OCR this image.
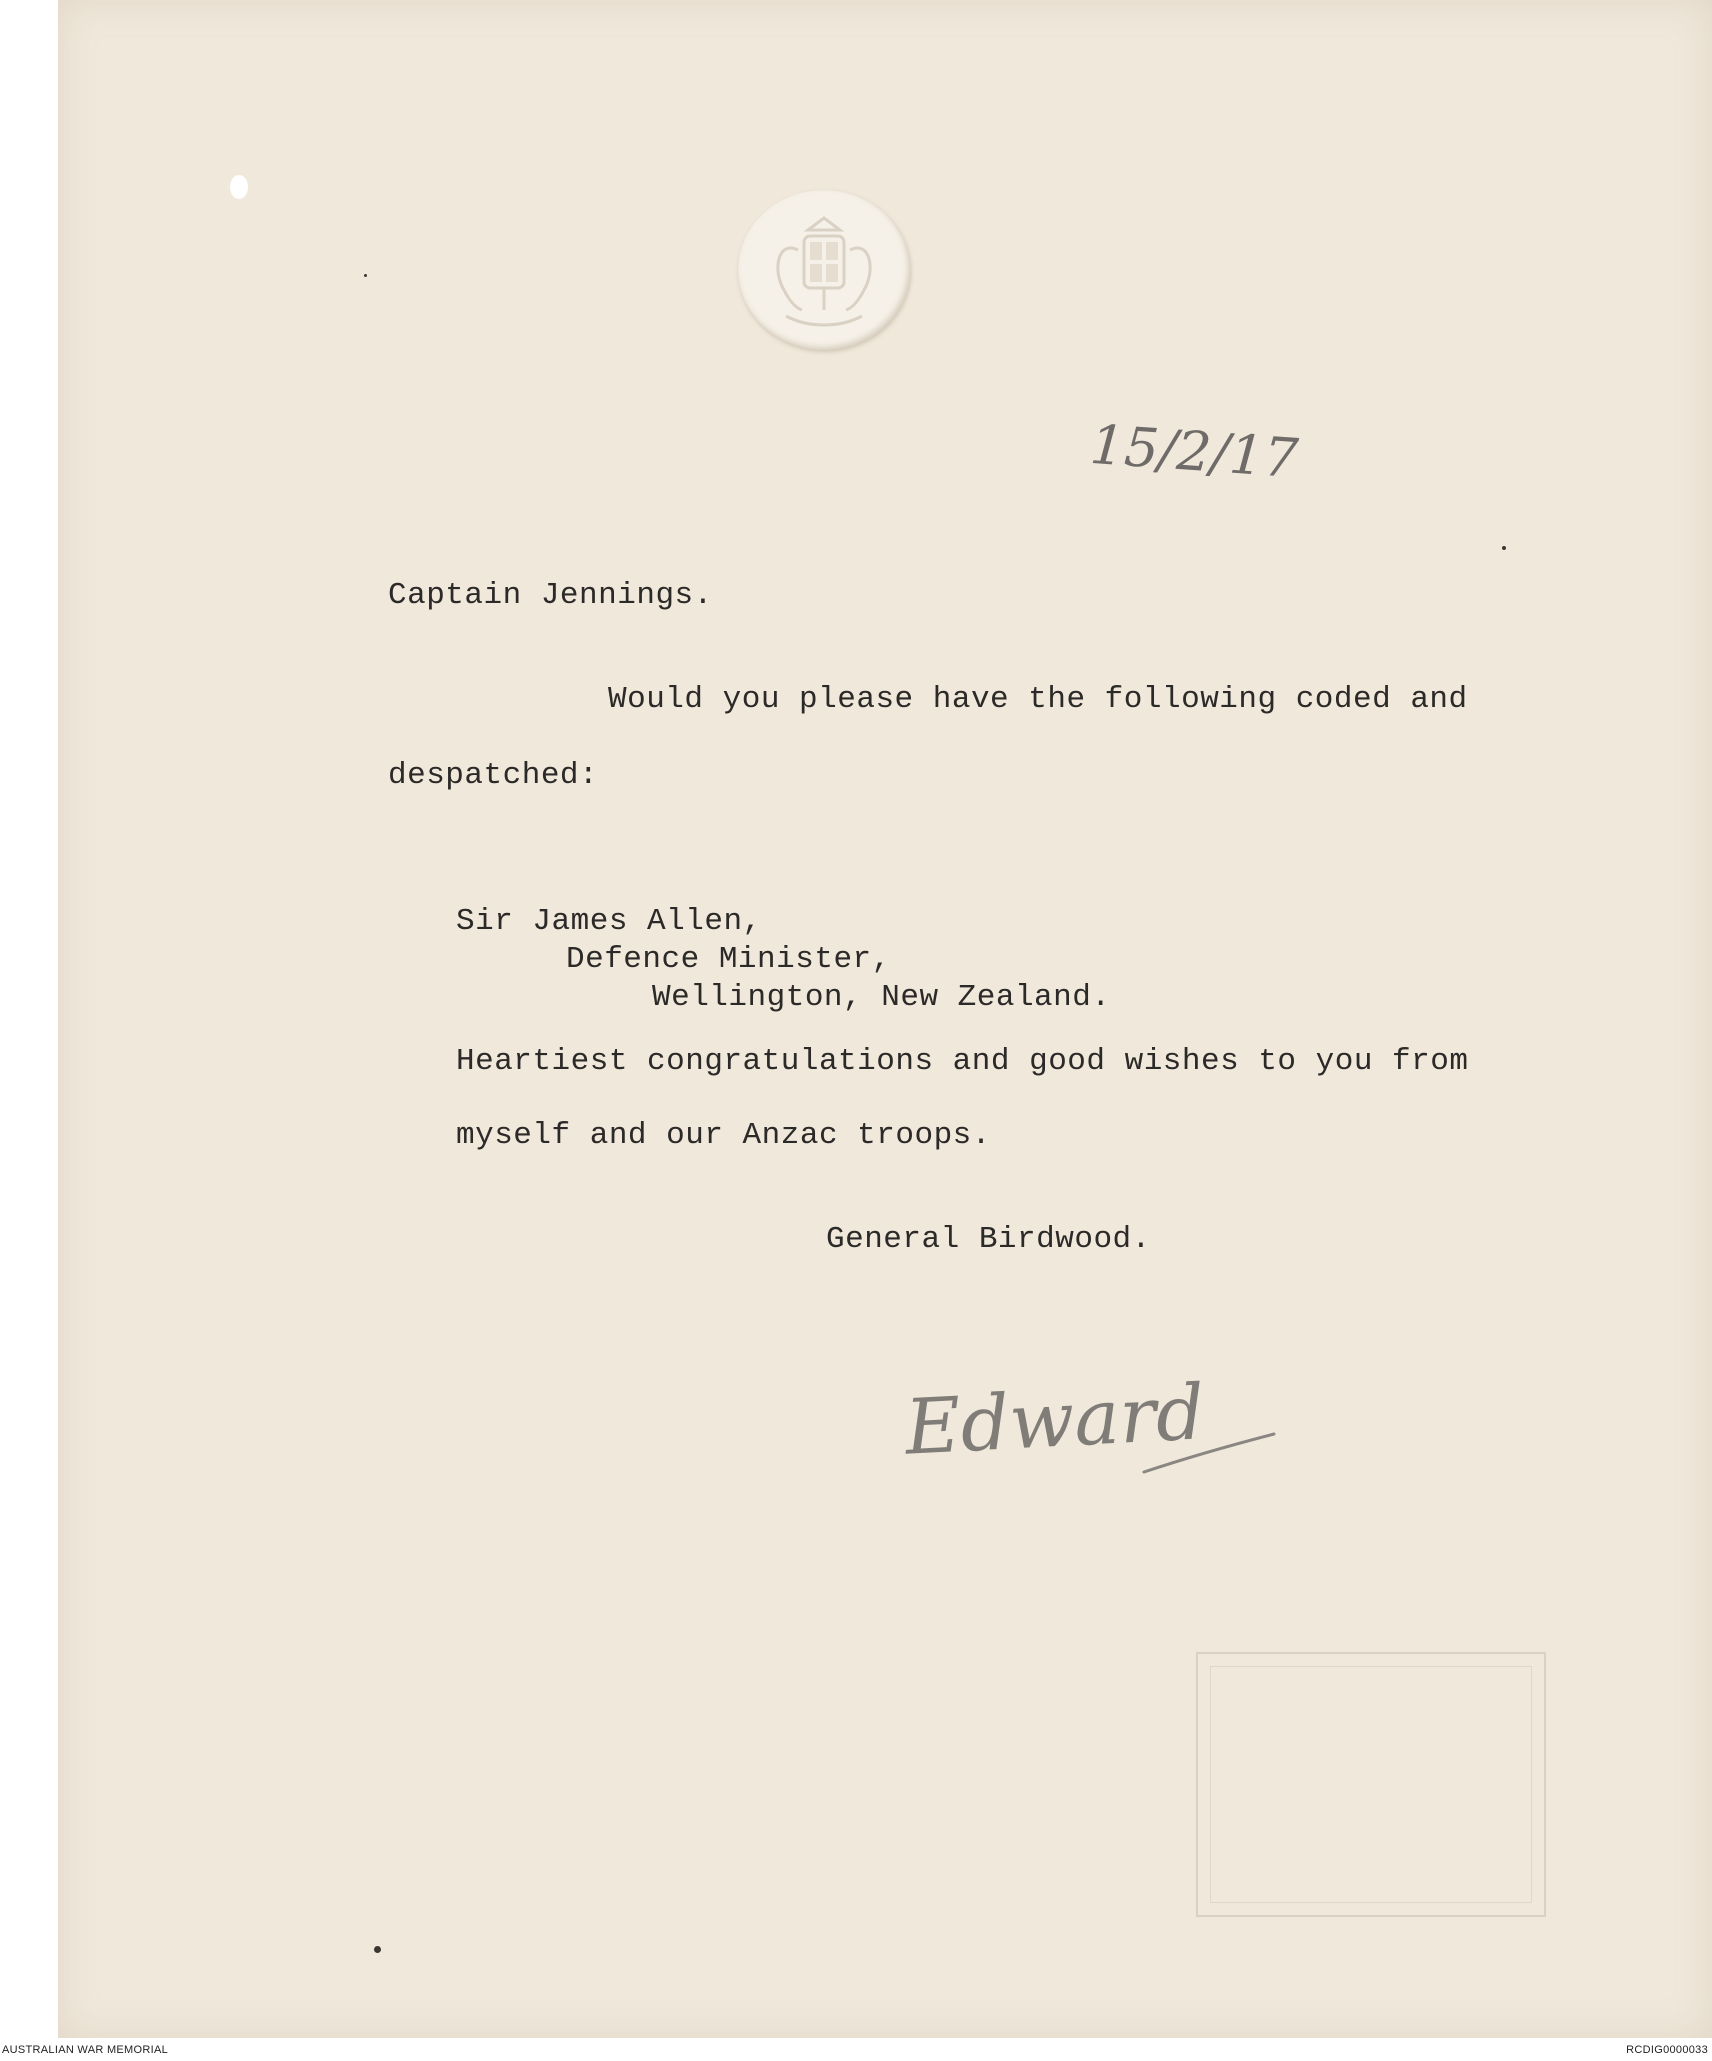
15/2/17
Captain Jennings.
Would you please have the following coded and
despatched:
Sir James Allen,
Defence Minister,
Wellington, New Zealand.
Heartiest congratulations and good wishes to you from
myself and our Anzac troops.
General Birdwood.
Edward
AUSTRALIAN WAR MEMORIAL	RCDIG0000033
